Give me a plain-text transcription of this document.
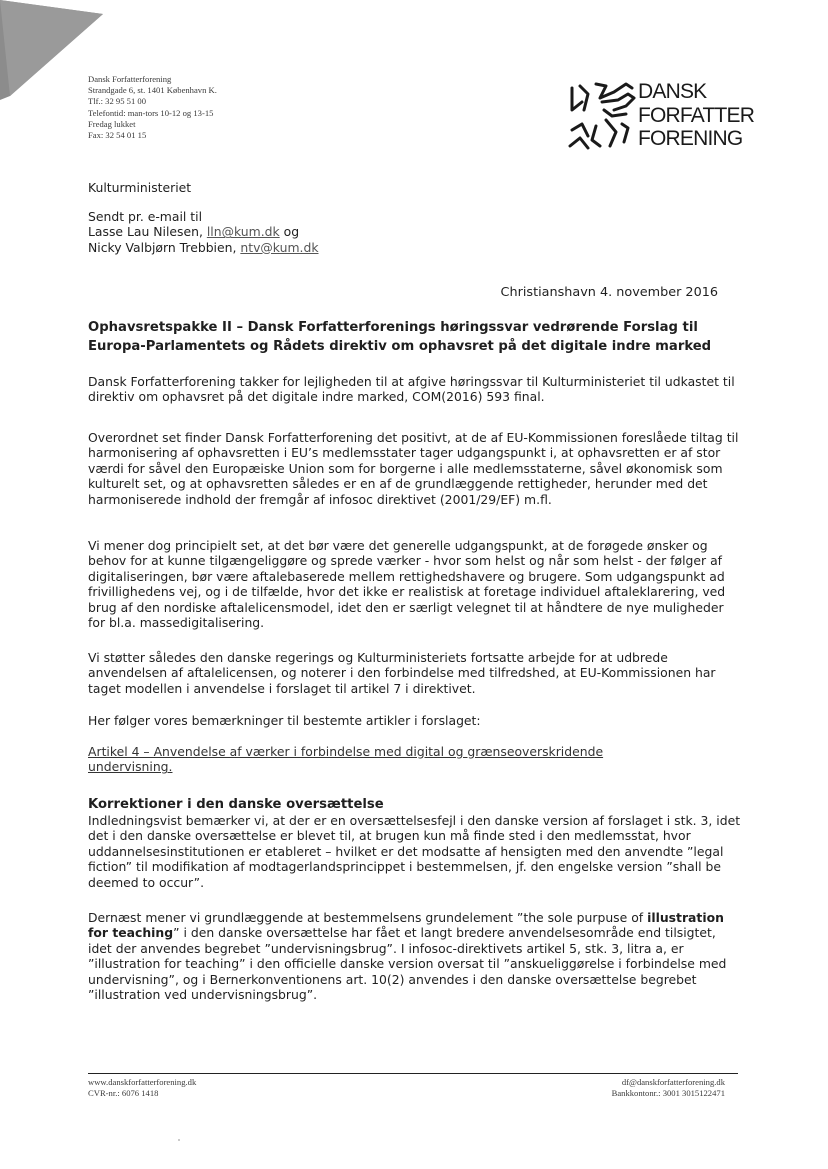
Dansk Forfatterforening
Strandgade 6, st. 1401 København K.
Tlf.: 32 95 51 00
Telefontid: man-tors 10-12 og 13-15
Fredag lukket
Fax: 32 54 01 15
DANSK
FORFATTER
FORENING
Kulturministeriet
Sendt pr. e-mail til
Lasse Lau Nilesen, lln@kum.dk og
Nicky Valbjørn Trebbien, ntv@kum.dk
Christianshavn 4. november 2016
Ophavsretspakke II – Dansk Forfatterforenings høringssvar vedrørende Forslag til Europa-Parlamentets og Rådets direktiv om ophavsret på det digitale indre marked

Dansk Forfatterforening takker for lejligheden til at afgive høringssvar til Kulturministeriet til udkastet til direktiv om ophavsret på det digitale indre marked, COM(2016) 593 final.

Overordnet set finder Dansk Forfatterforening det positivt, at de af EU-Kommissionen foreslåede tiltag til harmonisering af ophavsretten i EU’s medlemsstater tager udgangspunkt i, at ophavsretten er af stor værdi for såvel den Europæiske Union som for borgerne i alle medlemsstaterne, såvel økonomisk som kulturelt set, og at ophavsretten således er en af de grundlæggende rettigheder, herunder med det harmoniserede indhold der fremgår af infosoc direktivet (2001/29/EF) m.fl.

Vi mener dog principielt set, at det bør være det generelle udgangspunkt, at de forøgede ønsker og behov for at kunne tilgængeliggøre og sprede værker - hvor som helst og når som helst - der følger af digitaliseringen, bør være aftalebaserede mellem rettighedshavere og brugere. Som udgangspunkt ad frivillighedens vej, og i de tilfælde, hvor det ikke er realistisk at foretage individuel aftaleklarering, ved brug af den nordiske aftalelicensmodel, idet den er særligt velegnet til at håndtere de nye muligheder for bl.a. massedigitalisering.

Vi støtter således den danske regerings og Kulturministeriets fortsatte arbejde for at udbrede anvendelsen af aftalelicensen, og noterer i den forbindelse med tilfredshed, at EU-Kommissionen har taget modellen i anvendelse i forslaget til artikel 7 i direktivet.

Her følger vores bemærkninger til bestemte artikler i forslaget:

Artikel 4 – Anvendelse af værker i forbindelse med digital og grænseoverskridende undervisning.

Korrektioner i den danske oversættelse

Indledningsvist bemærker vi, at der er en oversættelsesfejl i den danske version af forslaget i stk. 3, idet det i den danske oversættelse er blevet til, at brugen kun må finde sted i den medlemsstat, hvor uddannelsesinstitutionen er etableret – hvilket er det modsatte af hensigten med den anvendte ”legal fiction” til modifikation af modtagerlandsprincippet i bestemmelsen, jf. den engelske version ”shall be deemed to occur”.

Dernæst mener vi grundlæggende at bestemmelsens grundelement ”the sole purpuse of illustration for teaching” i den danske oversættelse har fået et langt bredere anvendelsesområde end tilsigtet, idet der anvendes begrebet ”undervisningsbrug”. I infosoc-direktivets artikel 5, stk. 3, litra a, er ”illustration for teaching” i den officielle danske version oversat til ”anskueliggørelse i forbindelse med undervisning”, og i Bernerkonventionens art. 10(2) anvendes i den danske oversættelse begrebet ”illustration ved undervisningsbrug”.

www.danskforfatterforening.dk
CVR-nr.: 6076 1418
df@danskforfatterforening.dk
Bankkontonr.: 3001 3015122471
